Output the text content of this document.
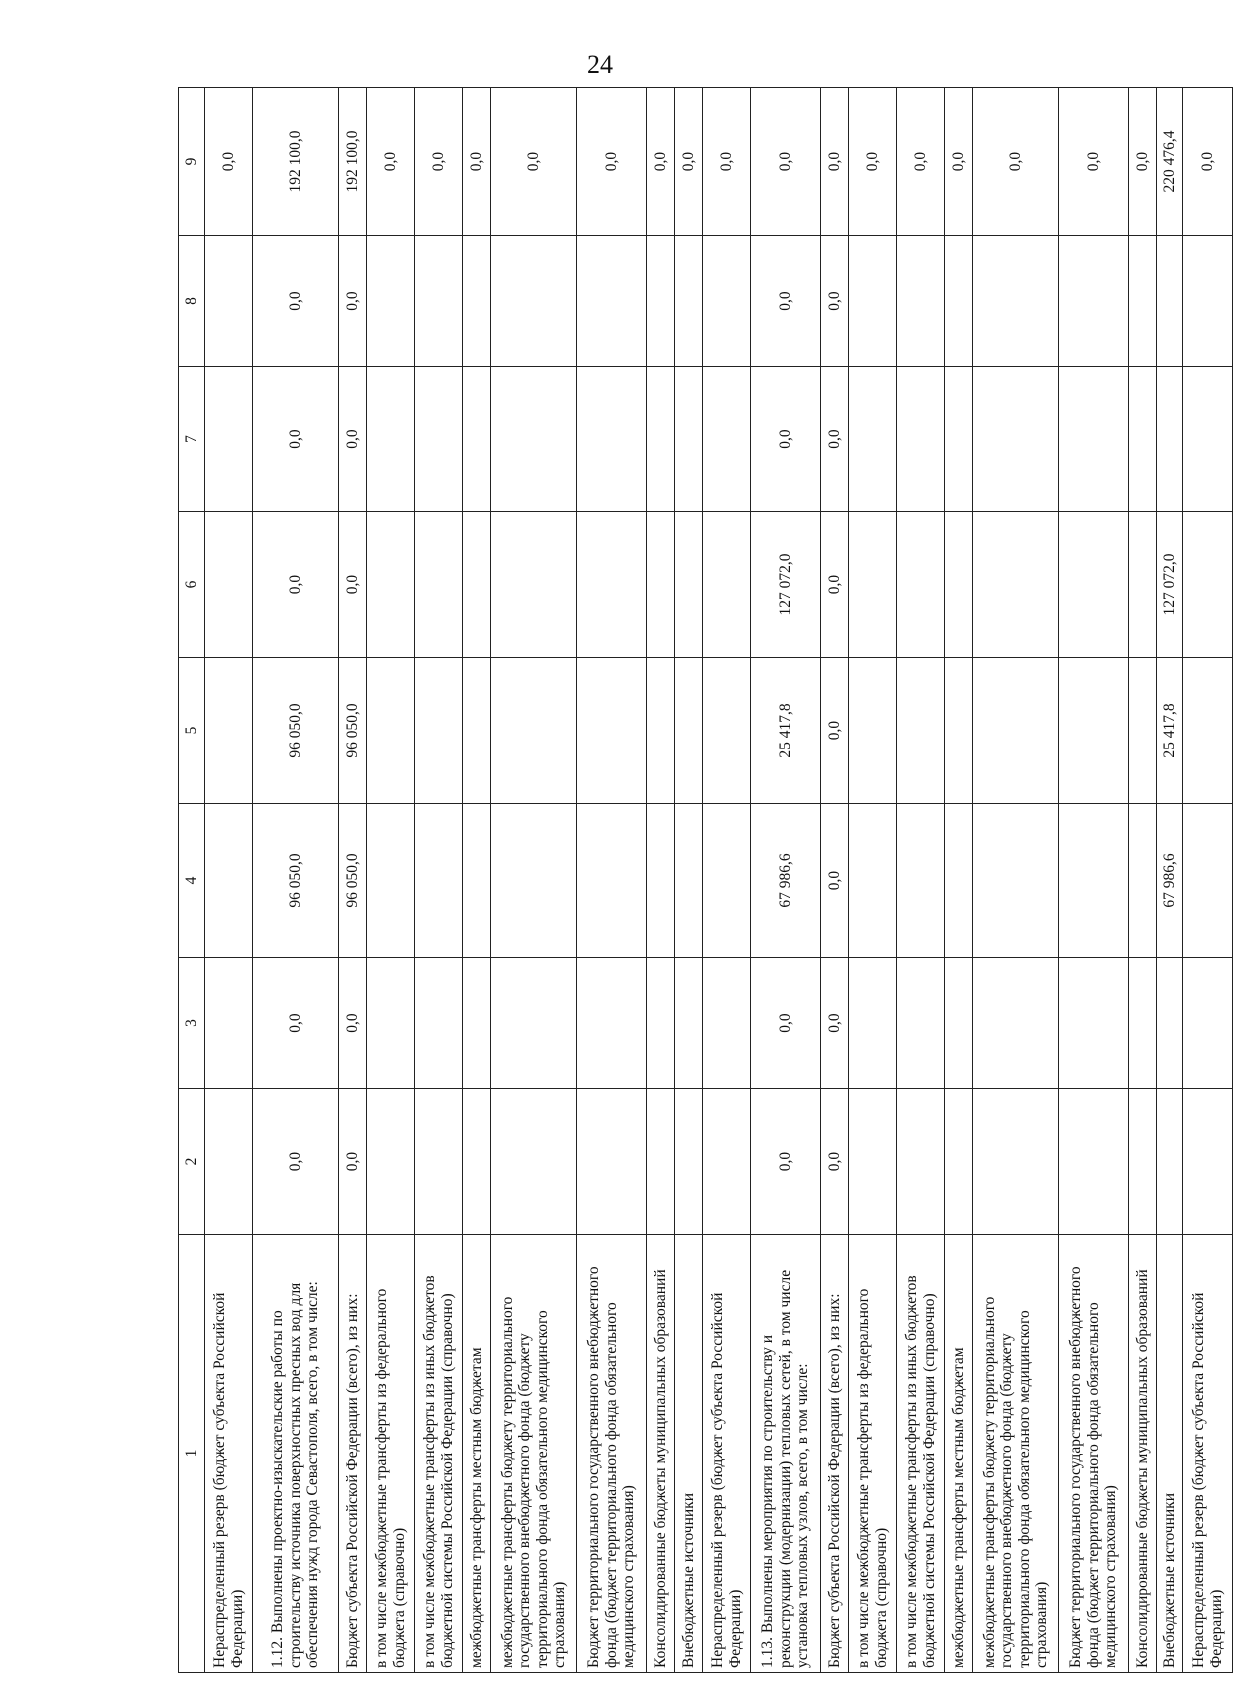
24
1	2	3	4	5	6	7	8	9
Нераспределенный резерв (бюджет субъекта Российской Федерации)								0,0
1.12. Выполнены проектно-изыскательские работы по строительству источника поверхностных пресных вод для обеспечения нужд города Севастополя, всего, в том числе:	0,0	0,0	96 050,0	96 050,0	0,0	0,0	0,0	192 100,0
Бюджет субъекта Российской Федерации (всего), из них:	0,0	0,0	96 050,0	96 050,0	0,0	0,0	0,0	192 100,0
в том числе межбюджетные трансферты из федерального бюджета (справочно)								0,0
в том числе межбюджетные трансферты из иных бюджетов бюджетной системы Российской Федерации (справочно)								0,0
межбюджетные трансферты местным бюджетам								0,0
межбюджетные трансферты бюджету территориального государственного внебюджетного фонда (бюджету территориального фонда обязательного медицинского страхования)								0,0
Бюджет территориального государственного внебюджетного фонда (бюджет территориального фонда обязательного медицинского страхования)								0,0
Консолидированные бюджеты муниципальных образований								0,0
Внебюджетные источники								0,0
Нераспределенный резерв (бюджет субъекта Российской Федерации)								0,0
1.13. Выполнены мероприятия по строительству и реконструкции (модернизации) тепловых сетей, в том числе установка тепловых узлов, всего, в том числе:	0,0	0,0	67 986,6	25 417,8	127 072,0	0,0	0,0	0,0
Бюджет субъекта Российской Федерации (всего), из них:	0,0	0,0	0,0	0,0	0,0	0,0	0,0	0,0
в том числе межбюджетные трансферты из федерального бюджета (справочно)								0,0
в том числе межбюджетные трансферты из иных бюджетов бюджетной системы Российской Федерации (справочно)								0,0
межбюджетные трансферты местным бюджетам								0,0
межбюджетные трансферты бюджету территориального государственного внебюджетного фонда (бюджету территориального фонда обязательного медицинского страхования)								0,0
Бюджет территориального государственного внебюджетного фонда (бюджет территориального фонда обязательного медицинского страхования)								0,0
Консолидированные бюджеты муниципальных образований								0,0
Внебюджетные источники			67 986,6	25 417,8	127 072,0			220 476,4
Нераспределенный резерв (бюджет субъекта Российской Федерации)								0,0
